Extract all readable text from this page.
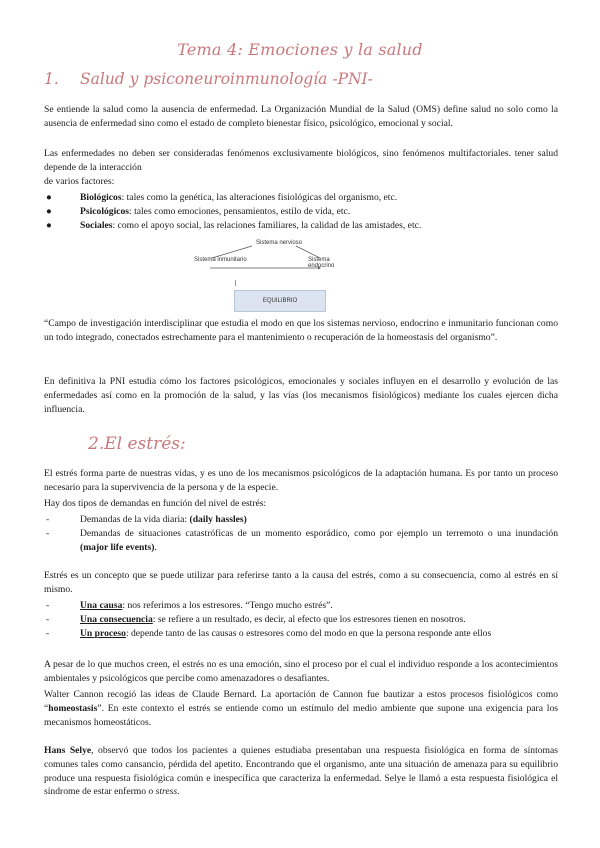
Tema 4: Emociones y la salud
1. Salud y psiconeuroinmunología -PNI-

Se entiende la salud como la ausencia de enfermedad. La Organización Mundial de la Salud (OMS) define salud no solo como la ausencia de enfermedad sino como el estado de completo bienestar físico, psicológico, emocional y social.

Las enfermedades no deben ser consideradas fenómenos exclusivamente biológicos, sino fenómenos multifactoriales. tener salud depende de la interacción

de varios factores:

●	Biológicos: tales como la genética, las alteraciones fisiológicas del organismo, etc.
●	Psicológicos: tales como emociones, pensamientos, estilo de vida, etc.
●	Sociales: como el apoyo social, las relaciones familiares, la calidad de las amistades, etc.
Sistema nervioso
Sistema inmunitario	Sistema endocrino
EQUILIBRIO

“Campo de investigación interdisciplinar que estudia el modo en que los sistemas nervioso, endocrino e inmunitario funcionan como un todo integrado, conectados estrechamente para el mantenimiento o recuperación de la homeostasis del organismo”.

En definitiva la PNI estudia cómo los factores psicológicos, emocionales y sociales influyen en el desarrollo y evolución de las enfermedades así como en la promoción de la salud, y las vías (los mecanismos fisiológicos) mediante los cuales ejercen dicha influencia.

2.El estrés:

El estrés forma parte de nuestras vidas, y es uno de los mecanismos psicológicos de la adaptación humana. Es por tanto un proceso necesario para la supervivencia de la persona y de la especie.

Hay dos tipos de demandas en función del nivel de estrés:

-	Demandas de la vida diaria: (daily hassles)
-	Demandas de situaciones catastróficas de un momento esporádico, como por ejemplo un terremoto o una inundación (major life events).

Estrés es un concepto que se puede utilizar para referirse tanto a la causa del estrés, como a su consecuencia, como al estrés en sí mismo.

-	Una causa: nos referimos a los estresores. “Tengo mucho estrés”.
-	Una consecuencia: se refiere a un resultado, es decir, al efecto que los estresores tienen en nosotros.
-	Un proceso: depende tanto de las causas o estresores como del modo en que la persona responde ante ellos

A pesar de lo que muchos creen, el estrés no es una emoción, sino el proceso por el cual el individuo responde a los acontecimientos ambientales y psicológicos que percibe como amenazadores o desafiantes.

Walter Cannon recogió las ideas de Claude Bernard. La aportación de Cannon fue bautizar a estos procesos fisiológicos como “homeostasis”. En este contexto el estrés se entiende como un estímulo del medio ambiente que supone una exigencia para los mecanismos homeostáticos.

Hans Selye, observó que todos los pacientes a quienes estudiaba presentaban una respuesta fisiológica en forma de síntomas comunes tales como cansancio, pérdida del apetito. Encontrando que el organismo, ante una situación de amenaza para su equilibrio produce una respuesta fisiológica común e inespecífica que caracteriza la enfermedad. Selye le llamó a esta respuesta fisiológica el síndrome de estar enfermo o stress.
